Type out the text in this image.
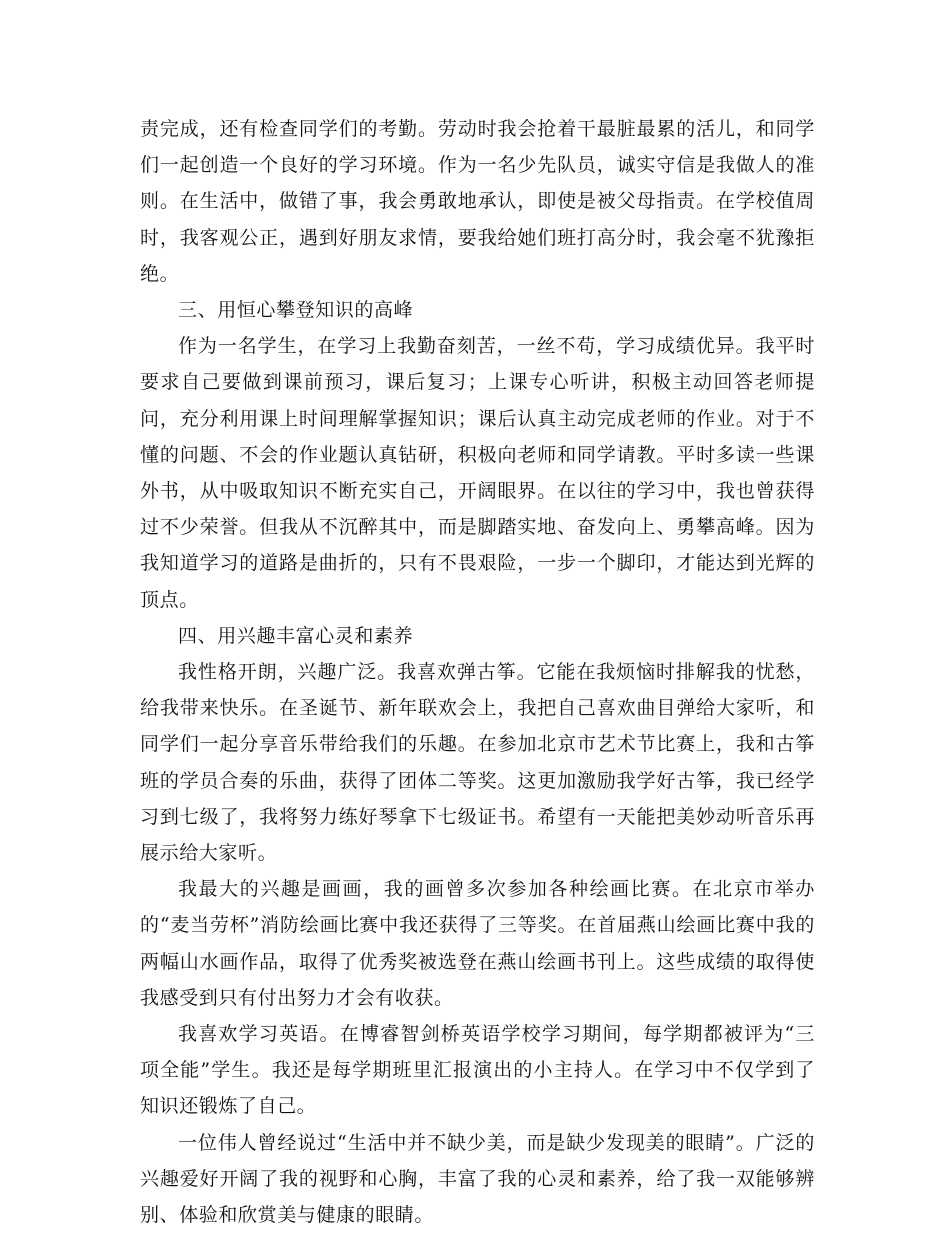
责完成，还有检查同学们的考勤。劳动时我会抢着干最脏最累的活儿，和同学们一起创造一个良好的学习环境。作为一名少先队员，诚实守信是我做人的准则。在生活中，做错了事，我会勇敢地承认，即使是被父母指责。在学校值周时，我客观公正，遇到好朋友求情，要我给她们班打高分时，我会毫不犹豫拒绝。

三、用恒心攀登知识的高峰

作为一名学生，在学习上我勤奋刻苦，一丝不苟，学习成绩优异。我平时要求自己要做到课前预习，课后复习；上课专心听讲，积极主动回答老师提问，充分利用课上时间理解掌握知识；课后认真主动完成老师的作业。对于不懂的问题、不会的作业题认真钻研，积极向老师和同学请教。平时多读一些课外书，从中吸取知识不断充实自己，开阔眼界。在以往的学习中，我也曾获得过不少荣誉。但我从不沉醉其中，而是脚踏实地、奋发向上、勇攀高峰。因为我知道学习的道路是曲折的，只有不畏艰险，一步一个脚印，才能达到光辉的顶点。

四、用兴趣丰富心灵和素养

我性格开朗，兴趣广泛。我喜欢弹古筝。它能在我烦恼时排解我的忧愁，给我带来快乐。在圣诞节、新年联欢会上，我把自己喜欢曲目弹给大家听，和同学们一起分享音乐带给我们的乐趣。在参加北京市艺术节比赛上，我和古筝班的学员合奏的乐曲，获得了团体二等奖。这更加激励我学好古筝，我已经学习到七级了，我将努力练好琴拿下七级证书。希望有一天能把美妙动听音乐再展示给大家听。

我最大的兴趣是画画，我的画曾多次参加各种绘画比赛。在北京市举办的“麦当劳杯”消防绘画比赛中我还获得了三等奖。在首届燕山绘画比赛中我的两幅山水画作品，取得了优秀奖被选登在燕山绘画书刊上。这些成绩的取得使我感受到只有付出努力才会有收获。

我喜欢学习英语。在博睿智剑桥英语学校学习期间，每学期都被评为“三项全能”学生。我还是每学期班里汇报演出的小主持人。在学习中不仅学到了知识还锻炼了自己。

一位伟人曾经说过“生活中并不缺少美，而是缺少发现美的眼睛”。广泛的兴趣爱好开阔了我的视野和心胸，丰富了我的心灵和素养，给了我一双能够辨别、体验和欣赏美与健康的眼睛。
